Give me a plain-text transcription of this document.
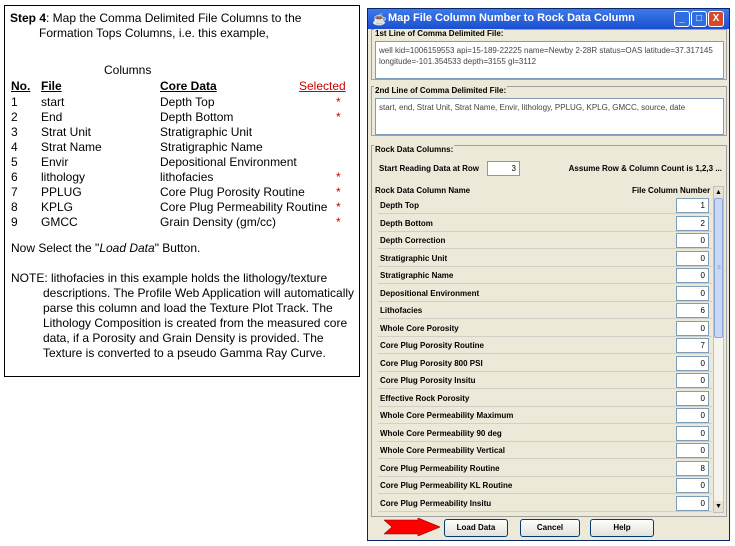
Step 4: Map the Comma Delimited File Columns to the
Formation Tops Columns, i.e. this example,
Columns
No. File	Core Data	Selected
1 start	Depth Top	*
2 End	Depth Bottom	*
3 Strat Unit	Stratigraphic Unit
4 Strat Name	Stratigraphic Name
5 Envir	Depositional Environment
6 lithology	lithofacies	*
7 PPLUG	Core Plug Porosity Routine	*
8 KPLG	Core Plug Permeability Routine *
9 GMCC	Grain Density (gm/cc)	*
Now Select the "Load Data" Button.
NOTE: lithofacies in this example holds the lithology/texture
descriptions. The Profile Web Application will automatically parse this column and load the Texture Plot Track. The Lithology Composition is created from the measured core data, if a Porosity and Grain Density is provided. The Texture is converted to a pseudo Gamma Ray Curve.
☕ Map File Column Number to Rock Data Column	_	□	X
1st Line of Comma Delimited File:
well kid=1006159553 api=15-189-22225 name=Newby 2-28R status=OAS latitude=37.317145 longitude=-101.354533 depth=3155 gl=3112
2nd Line of Comma Delimited File:
start, end, Strat Unit, Strat Name, Envir, lithology, PPLUG, KPLG, GMCC, source, date
Rock Data Columns:
Start Reading Data at Row	3	Assume Row & Column Count is 1,2,3 ...
Rock Data Column Name	File Column Number
Depth Top	1
Depth Bottom	2
Depth Correction	0
Stratigraphic Unit	0
Stratigraphic Name	0
Depositional Environment	0
Lithofacies	6
Whole Core Porosity	0
Core Plug Porosity Routine	7
Core Plug Porosity 800 PSI	0
Core Plug Porosity Insitu	0
Effective Rock Porosity	0
Whole Core Permeability Maximum	0
Whole Core Permeability 90 deg	0
Whole Core Permeability Vertical	0
Core Plug Permeability Routine	8
Core Plug Permeability KL Routine	0
Core Plug Permeability Insitu	0
▲
≡
▼
Load Data	Cancel	Help
